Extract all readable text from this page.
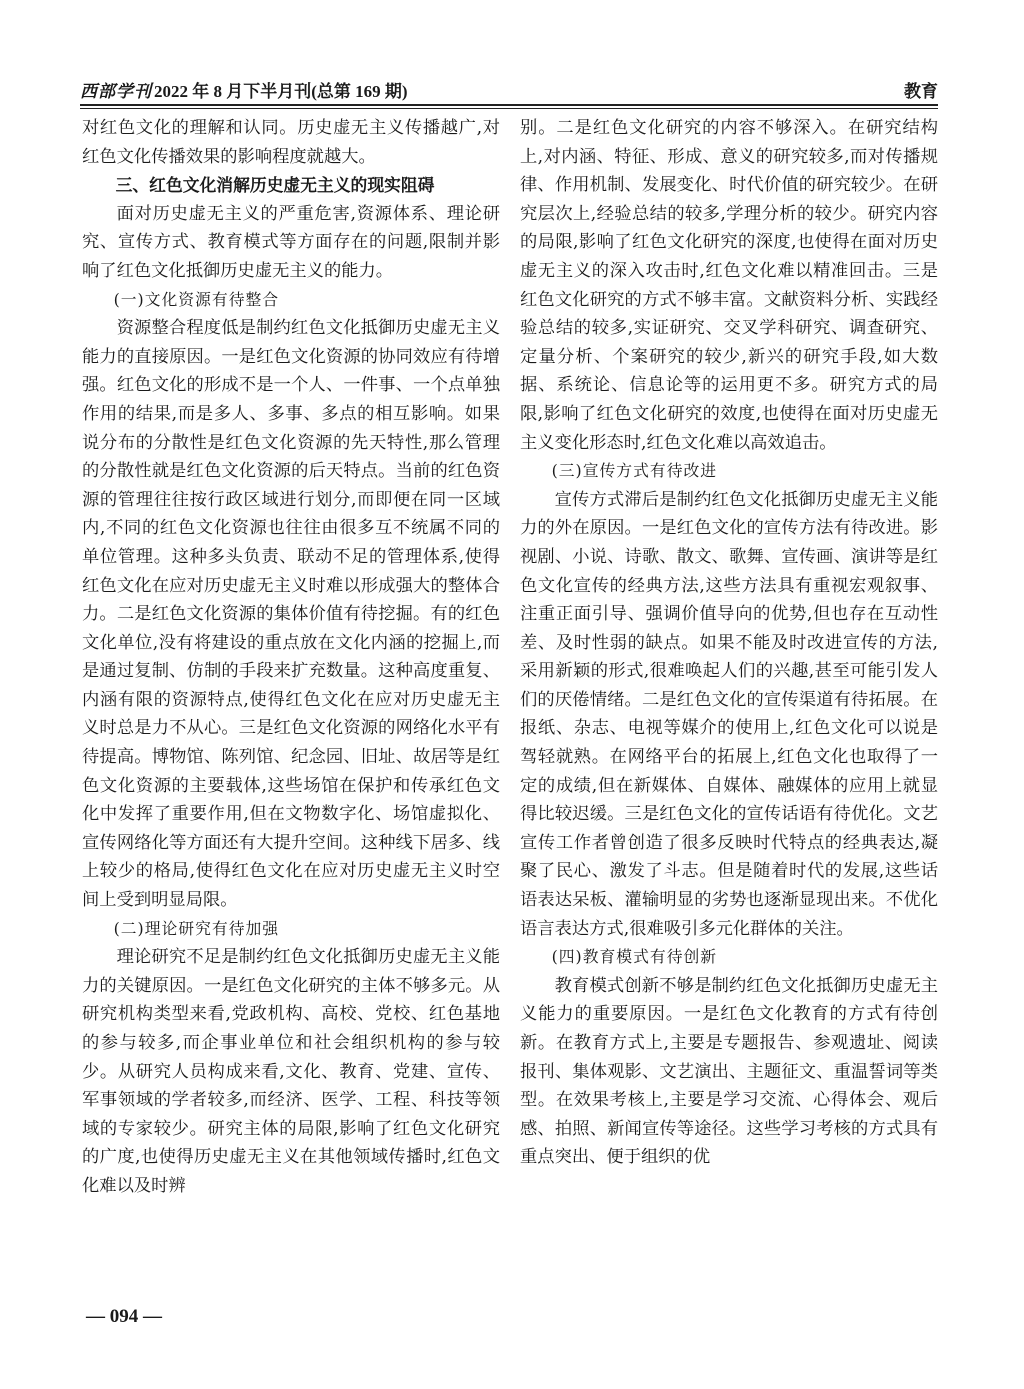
西部学刊 2022 年 8 月下半月刊(总第 169 期)	教育

对红色文化的理解和认同。历史虚无主义传播越广,对红色文化传播效果的影响程度就越大。

三、红色文化消解历史虚无主义的现实阻碍

面对历史虚无主义的严重危害,资源体系、理论研究、宣传方式、教育模式等方面存在的问题,限制并影响了红色文化抵御历史虚无主义的能力。

(一)文化资源有待整合

资源整合程度低是制约红色文化抵御历史虚无主义能力的直接原因。一是红色文化资源的协同效应有待增强。红色文化的形成不是一个人、一件事、一个点单独作用的结果,而是多人、多事、多点的相互影响。如果说分布的分散性是红色文化资源的先天特性,那么管理的分散性就是红色文化资源的后天特点。当前的红色资源的管理往往按行政区域进行划分,而即便在同一区域内,不同的红色文化资源也往往由很多互不统属不同的单位管理。这种多头负责、联动不足的管理体系,使得红色文化在应对历史虚无主义时难以形成强大的整体合力。二是红色文化资源的集体价值有待挖掘。有的红色文化单位,没有将建设的重点放在文化内涵的挖掘上,而是通过复制、仿制的手段来扩充数量。这种高度重复、内涵有限的资源特点,使得红色文化在应对历史虚无主义时总是力不从心。三是红色文化资源的网络化水平有待提高。博物馆、陈列馆、纪念园、旧址、故居等是红色文化资源的主要载体,这些场馆在保护和传承红色文化中发挥了重要作用,但在文物数字化、场馆虚拟化、宣传网络化等方面还有大提升空间。这种线下居多、线上较少的格局,使得红色文化在应对历史虚无主义时空间上受到明显局限。

(二)理论研究有待加强

理论研究不足是制约红色文化抵御历史虚无主义能力的关键原因。一是红色文化研究的主体不够多元。从研究机构类型来看,党政机构、高校、党校、红色基地的参与较多,而企事业单位和社会组织机构的参与较少。从研究人员构成来看,文化、教育、党建、宣传、军事领域的学者较多,而经济、医学、工程、科技等领域的专家较少。研究主体的局限,影响了红色文化研究的广度,也使得历史虚无主义在其他领域传播时,红色文化难以及时辨

别。二是红色文化研究的内容不够深入。在研究结构上,对内涵、特征、形成、意义的研究较多,而对传播规律、作用机制、发展变化、时代价值的研究较少。在研究层次上,经验总结的较多,学理分析的较少。研究内容的局限,影响了红色文化研究的深度,也使得在面对历史虚无主义的深入攻击时,红色文化难以精准回击。三是红色文化研究的方式不够丰富。文献资料分析、实践经验总结的较多,实证研究、交叉学科研究、调查研究、定量分析、个案研究的较少,新兴的研究手段,如大数据、系统论、信息论等的运用更不多。研究方式的局限,影响了红色文化研究的效度,也使得在面对历史虚无主义变化形态时,红色文化难以高效追击。

(三)宣传方式有待改进

宣传方式滞后是制约红色文化抵御历史虚无主义能力的外在原因。一是红色文化的宣传方法有待改进。影视剧、小说、诗歌、散文、歌舞、宣传画、演讲等是红色文化宣传的经典方法,这些方法具有重视宏观叙事、注重正面引导、强调价值导向的优势,但也存在互动性差、及时性弱的缺点。如果不能及时改进宣传的方法,采用新颖的形式,很难唤起人们的兴趣,甚至可能引发人们的厌倦情绪。二是红色文化的宣传渠道有待拓展。在报纸、杂志、电视等媒介的使用上,红色文化可以说是驾轻就熟。在网络平台的拓展上,红色文化也取得了一定的成绩,但在新媒体、自媒体、融媒体的应用上就显得比较迟缓。三是红色文化的宣传话语有待优化。文艺宣传工作者曾创造了很多反映时代特点的经典表达,凝聚了民心、激发了斗志。但是随着时代的发展,这些话语表达呆板、灌输明显的劣势也逐渐显现出来。不优化语言表达方式,很难吸引多元化群体的关注。

(四)教育模式有待创新

教育模式创新不够是制约红色文化抵御历史虚无主义能力的重要原因。一是红色文化教育的方式有待创新。在教育方式上,主要是专题报告、参观遗址、阅读报刊、集体观影、文艺演出、主题征文、重温誓词等类型。在效果考核上,主要是学习交流、心得体会、观后感、拍照、新闻宣传等途径。这些学习考核的方式具有重点突出、便于组织的优

— 094 —
